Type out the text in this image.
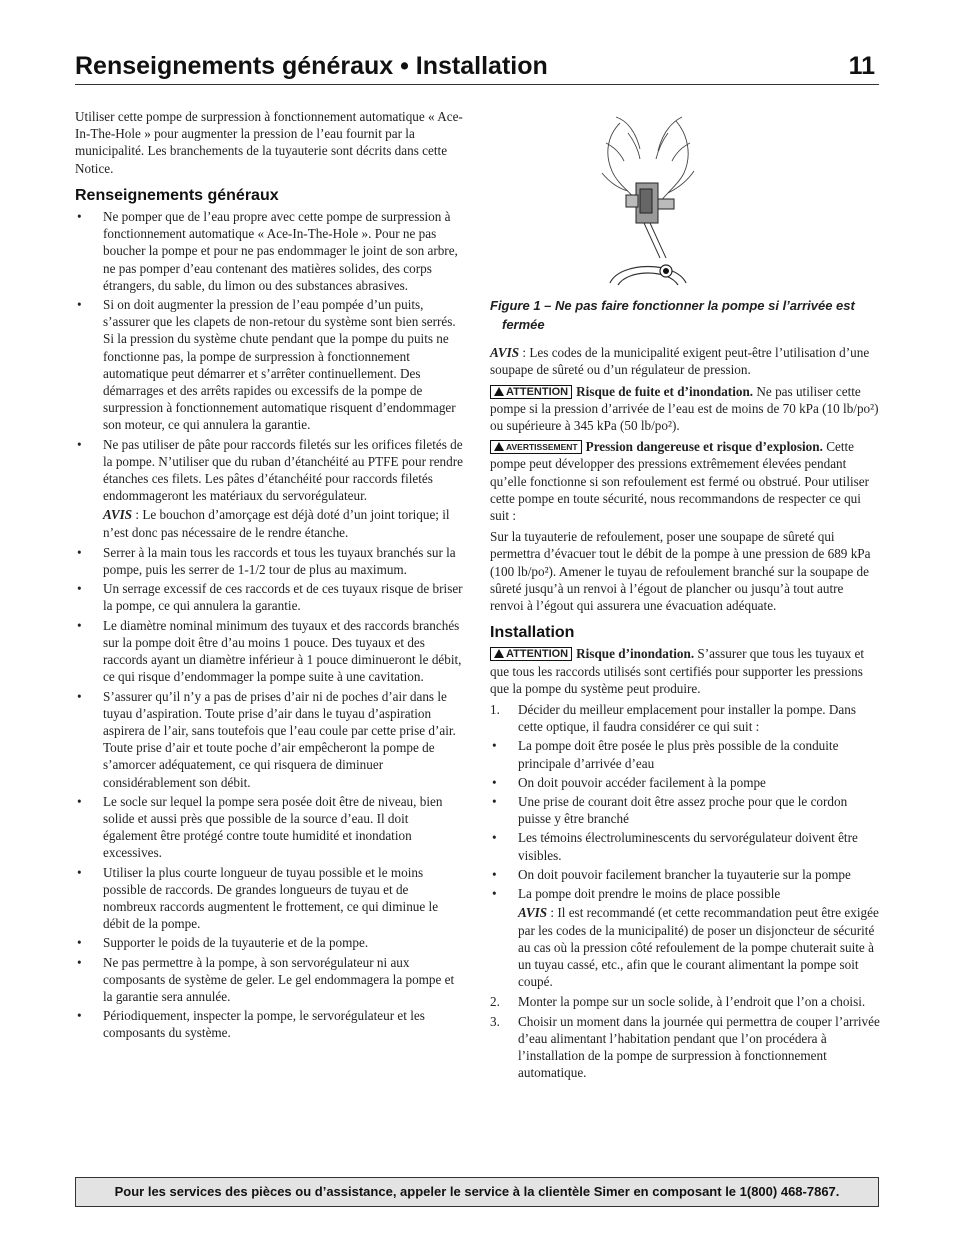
Renseignements généraux • Installation	11

Utiliser cette pompe de surpression à fonctionnement automatique « Ace-In-The-Hole » pour augmenter la pression de l’eau fournit par la municipalité. Les branchements de la tuyauterie sont décrits dans cette Notice.

Renseignements généraux
• Ne pomper que de l’eau propre avec cette pompe de surpression à fonctionnement automatique « Ace-In-The-Hole ». Pour ne pas boucher la pompe et pour ne pas endommager le joint de son arbre, ne pas pomper d’eau contenant des matières solides, des corps étrangers, du sable, du limon ou des substances abrasives.
• Si on doit augmenter la pression de l’eau pompée d’un puits, s’assurer que les clapets de non-retour du système sont bien serrés. Si la pression du système chute pendant que la pompe du puits ne fonctionne pas, la pompe de surpression à fonctionnement automatique peut démarrer et s’arrêter continuellement. Des démarrages et des arrêts rapides ou excessifs de la pompe de surpression à fonctionnement automatique risquent d’endommager son moteur, ce qui annulera la garantie.
• Ne pas utiliser de pâte pour raccords filetés sur les orifices filetés de la pompe. N’utiliser que du ruban d’étanchéité au PTFE pour rendre étanches ces filets. Les pâtes d’étanchéité pour raccords filetés endommageront les matériaux du servorégulateur.

AVIS : Le bouchon d’amorçage est déjà doté d’un joint torique; il n’est donc pas nécessaire de le rendre étanche.

• Serrer à la main tous les raccords et tous les tuyaux branchés sur la pompe, puis les serrer de 1-1/2 tour de plus au maximum.
• Un serrage excessif de ces raccords et de ces tuyaux risque de briser la pompe, ce qui annulera la garantie.
• Le diamètre nominal minimum des tuyaux et des raccords branchés sur la pompe doit être d’au moins 1 pouce. Des tuyaux et des raccords ayant un diamètre inférieur à 1 pouce diminueront le débit, ce qui risque d’endommager la pompe suite à une cavitation.
• S’assurer qu’il n’y a pas de prises d’air ni de poches d’air dans le tuyau d’aspiration. Toute prise d’air dans le tuyau d’aspiration aspirera de l’air, sans toutefois que l’eau coule par cette prise d’air. Toute prise d’air et toute poche d’air empêcheront la pompe de s’amorcer adéquatement, ce qui risquera de diminuer considérablement son débit.
• Le socle sur lequel la pompe sera posée doit être de niveau, bien solide et aussi près que possible de la source d’eau. Il doit également être protégé contre toute humidité et inondation excessives.
• Utiliser la plus courte longueur de tuyau possible et le moins possible de raccords. De grandes longueurs de tuyau et de nombreux raccords augmentent le frottement, ce qui diminue le débit de la pompe.
• Supporter le poids de la tuyauterie et de la pompe.
• Ne pas permettre à la pompe, à son servorégulateur ni aux composants de système de geler. Le gel endommagera la pompe et la garantie sera annulée.
• Périodiquement, inspecter la pompe, le servorégulateur et les composants du système.

Figure 1 – Ne pas faire fonctionner la pompe si l’arrivée est fermée

AVIS : Les codes de la municipalité exigent peut-être l’utilisation d’une soupape de sûreté ou d’un régulateur de pression.

ATTENTION Risque de fuite et d’inondation. Ne pas utiliser cette pompe si la pression d’arrivée de l’eau est de moins de 70 kPa (10 lb/po²) ou supérieure à 345 kPa (50 lb/po²).

AVERTISSEMENT Pression dangereuse et risque d’explosion. Cette pompe peut développer des pressions extrêmement élevées pendant qu’elle fonctionne si son refoulement est fermé ou obstrué. Pour utiliser cette pompe en toute sécurité, nous recommandons de respecter ce qui suit :

Sur la tuyauterie de refoulement, poser une soupape de sûreté qui permettra d’évacuer tout le débit de la pompe à une pression de 689 kPa (100 lb/po²). Amener le tuyau de refoulement branché sur la soupape de sûreté jusqu’à un renvoi à l’égout de plancher ou jusqu’à tout autre renvoi à l’égout qui assurera une évacuation adéquate.

Installation

ATTENTION Risque d’inondation. S’assurer que tous les tuyaux et que tous les raccords utilisés sont certifiés pour supporter les pressions que la pompe du système peut produire.

1. Décider du meilleur emplacement pour installer la pompe. Dans cette optique, il faudra considérer ce qui suit :
• La pompe doit être posée le plus près possible de la conduite principale d’arrivée d’eau
• On doit pouvoir accéder facilement à la pompe
• Une prise de courant doit être assez proche pour que le cordon puisse y être branché
• Les témoins électroluminescents du servorégulateur doivent être visibles.
• On doit pouvoir facilement brancher la tuyauterie sur la pompe
• La pompe doit prendre le moins de place possible

AVIS : Il est recommandé (et cette recommandation peut être exigée par les codes de la municipalité) de poser un disjoncteur de sécurité au cas où la pression côté refoulement de la pompe chuterait suite à un tuyau cassé, etc., afin que le courant alimentant la pompe soit coupé.

2. Monter la pompe sur un socle solide, à l’endroit que l’on a choisi.
3. Choisir un moment dans la journée qui permettra de couper l’arrivée d’eau alimentant l’habitation pendant que l’on procédera à l’installation de la pompe de surpression à fonctionnement automatique.
Pour les services des pièces ou d’assistance, appeler le service à la clientèle Simer en composant le 1(800) 468-7867.
